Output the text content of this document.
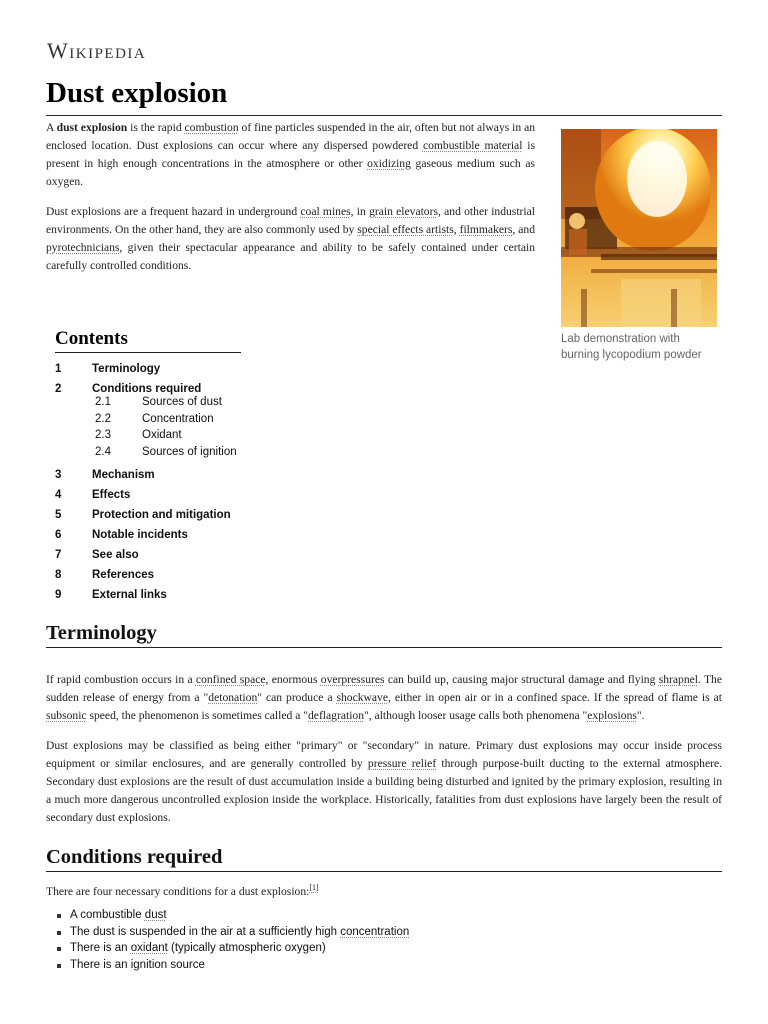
Wikipedia
Dust explosion

A dust explosion is the rapid combustion of fine particles suspended in the air, often but not always in an enclosed location. Dust explosions can occur where any dispersed powdered combustible material is present in high enough concentrations in the atmosphere or other oxidizing gaseous medium such as oxygen.

Dust explosions are a frequent hazard in underground coal mines, in grain elevators, and other industrial environments. On the other hand, they are also commonly used by special effects artists, filmmakers, and pyrotechnicians, given their spectacular appearance and ability to be safely contained under certain carefully controlled conditions.

Lab demonstration with burning lycopodium powder
Contents
1	Terminology
2	Conditions required
2.1	Sources of dust
2.2	Concentration
2.3	Oxidant
2.4	Sources of ignition
3	Mechanism
4	Effects
5	Protection and mitigation
6	Notable incidents
7	See also
8	References
9	External links
Terminology

If rapid combustion occurs in a confined space, enormous overpressures can build up, causing major structural damage and flying shrapnel. The sudden release of energy from a "detonation" can produce a shockwave, either in open air or in a confined space. If the spread of flame is at subsonic speed, the phenomenon is sometimes called a "deflagration", although looser usage calls both phenomena "explosions".

Dust explosions may be classified as being either "primary" or "secondary" in nature. Primary dust explosions may occur inside process equipment or similar enclosures, and are generally controlled by pressure relief through purpose-built ducting to the external atmosphere. Secondary dust explosions are the result of dust accumulation inside a building being disturbed and ignited by the primary explosion, resulting in a much more dangerous uncontrolled explosion inside the workplace. Historically, fatalities from dust explosions have largely been the result of secondary dust explosions.

Conditions required

There are four necessary conditions for a dust explosion:[1]

A combustible dust
The dust is suspended in the air at a sufficiently high concentration
There is an oxidant (typically atmospheric oxygen)
There is an ignition source
